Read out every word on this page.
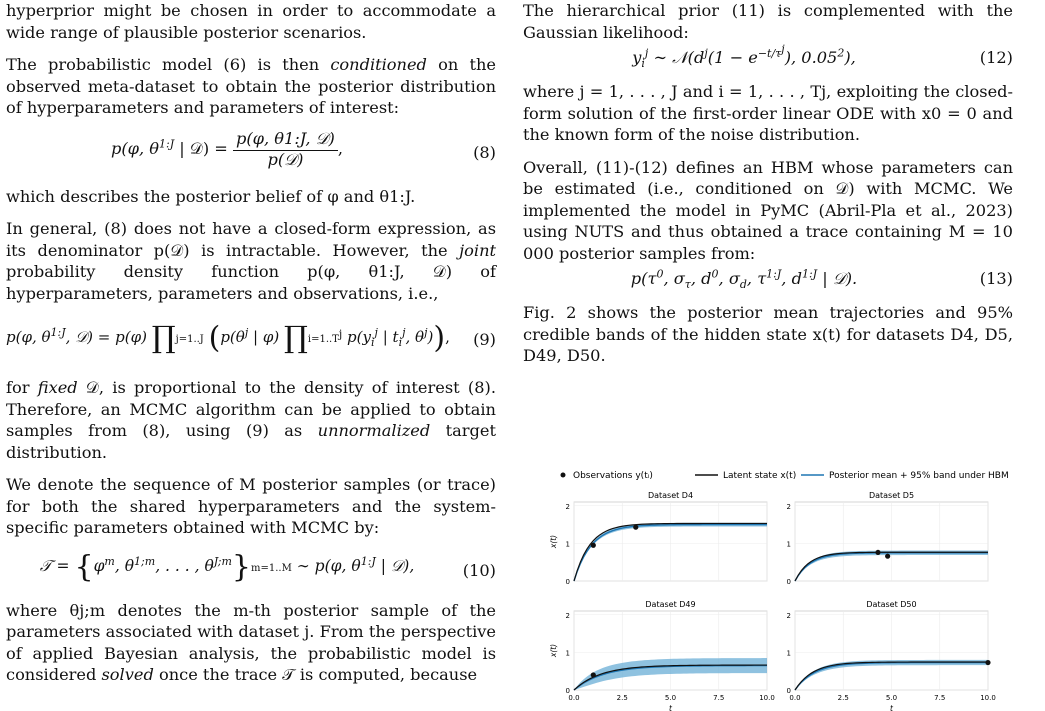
hyperprior might be chosen in order to accommodate a wide range of plausible posterior scenarios.

The probabilistic model (6) is then conditioned on the observed meta-dataset to obtain the posterior distribution of hyperparameters and parameters of interest:

p(φ, $\theta^{1:J}$ | 𝒟) = $\frac{\text{p(φ, θ1:J, 𝒟)}}{\text{p(𝒟)}}$ ,	(8)

which describes the posterior belief of φ and θ1:J.

In general, (8) does not have a closed-form expression, as its denominator p(𝒟) is intractable. However, the joint probability density function p(φ, θ1:J, 𝒟) of hyperparameters, parameters and observations, i.e.,

p(φ, $\theta^{1:J}$, 𝒟) = p(φ) ∏j=1..J ($p(\theta^j$ | φ) $\prod i=1..T^j$ $p(y_i^j$ | $t_i^j$, $\theta^j$)), (9)

for fixed 𝒟, is proportional to the density of interest (8). Therefore, an MCMC algorithm can be applied to obtain samples from (8), using (9) as unnormalized target distribution.

We denote the sequence of M posterior samples (or trace) for both the shared hyperparameters and the system-specific parameters obtained with MCMC by:

𝒯 = {$\varphi^m$, $\theta^{1;m}$, . . . , $\theta^{J;m}\}m=1..M$ ∼ p(φ, $\theta^{1:J}$ | 𝒟),	(10)

where θj;m denotes the m-th posterior sample of the parameters associated with dataset j. From the perspective of applied Bayesian analysis, the probabilistic model is considered solved once the trace 𝒯 is computed, because

The hierarchical prior (11) is complemented with the Gaussian likelihood:

$y_i^j$ ∼ $𝒩(d^j(1 - e^{-t/\tau^j})$, 0.05$^2$),	(12)

where j = 1, . . . , J and i = 1, . . . , Tj, exploiting the closed-form solution of the first-order linear ODE with x0 = 0 and the known form of the noise distribution.

Overall, (11)-(12) defines an HBM whose parameters can be estimated (i.e., conditioned on 𝒟) with MCMC. We implemented the model in PyMC (Abril-Pla et al., 2023) using NUTS and thus obtained a trace containing M = 10 000 posterior samples from:

$p(\tau^0$, $\sigma_\tau$, $d^0$, $\sigma_d$, $\tau^{1:J}$, $d^{1:J}$ | 𝒟).	(13)

Fig. 2 shows the posterior mean trajectories and 95% credible bands of the hidden state x(t) for datasets D4, D5, D49, D50.

Observations y(tᵢ)	Latent state x(t)	Posterior mean + 95% band under HBM
Dataset D4
0
1
2
x(t)
Dataset D5
0
1
2
Dataset D49
0
1
2
x(t)
0.0	2.5	5.0	7.5	10.0
t
Dataset D50
0
1
2
0.0	2.5	5.0	7.5	10.0
t
